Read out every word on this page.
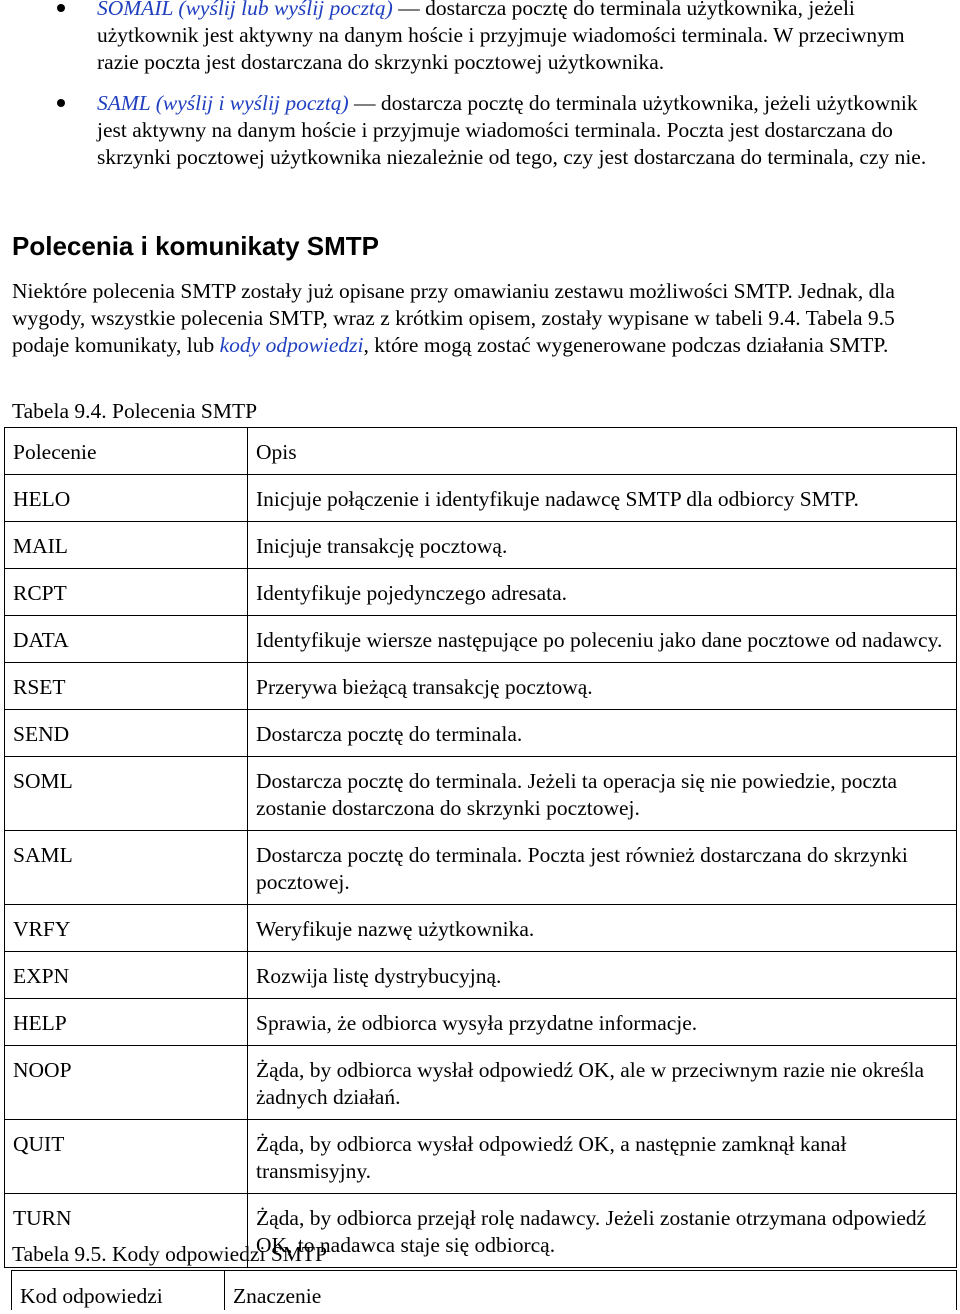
SOMAIL (wyślij lub wyślij pocztą) — dostarcza pocztę do terminala użytkownika, jeżeli użytkownik jest aktywny na danym hoście i przyjmuje wiadomości terminala. W przeciwnym razie poczta jest dostarczana do skrzynki pocztowej użytkownika.
SAML (wyślij i wyślij pocztą) — dostarcza pocztę do terminala użytkownika, jeżeli użytkownik jest aktywny na danym hoście i przyjmuje wiadomości terminala. Poczta jest dostarczana do skrzynki pocztowej użytkownika niezależnie od tego, czy jest dostarczana do terminala, czy nie.
Polecenia i komunikaty SMTP

Niektóre polecenia SMTP zostały już opisane przy omawianiu zestawu możliwości SMTP. Jednak, dla wygody, wszystkie polecenia SMTP, wraz z krótkim opisem, zostały wypisane w tabeli 9.4. Tabela 9.5 podaje komunikaty, lub kody odpowiedzi, które mogą zostać wygenerowane podczas działania SMTP.

Tabela 9.4. Polecenia SMTP

Polecenie	Opis
HELO	Inicjuje połączenie i identyfikuje nadawcę SMTP dla odbiorcy SMTP.
MAIL	Inicjuje transakcję pocztową.
RCPT	Identyfikuje pojedynczego adresata.
DATA	Identyfikuje wiersze następujące po poleceniu jako dane pocztowe od nadawcy.
RSET	Przerywa bieżącą transakcję pocztową.
SEND	Dostarcza pocztę do terminala.
SOML	Dostarcza pocztę do terminala. Jeżeli ta operacja się nie powiedzie, poczta zostanie dostarczona do skrzynki pocztowej.
SAML	Dostarcza pocztę do terminala. Poczta jest również dostarczana do skrzynki pocztowej.
VRFY	Weryfikuje nazwę użytkownika.
EXPN	Rozwija listę dystrybucyjną.
HELP	Sprawia, że odbiorca wysyła przydatne informacje.
NOOP	Żąda, by odbiorca wysłał odpowiedź OK, ale w przeciwnym razie nie określa żadnych działań.
QUIT	Żąda, by odbiorca wysłał odpowiedź OK, a następnie zamknął kanał transmisyjny.
TURN	Żąda, by odbiorca przejął rolę nadawcy. Jeżeli zostanie otrzymana odpowiedź OK, to nadawca staje się odbiorcą.

Tabela 9.5. Kody odpowiedzi SMTP

Kod odpowiedzi	Znaczenie
